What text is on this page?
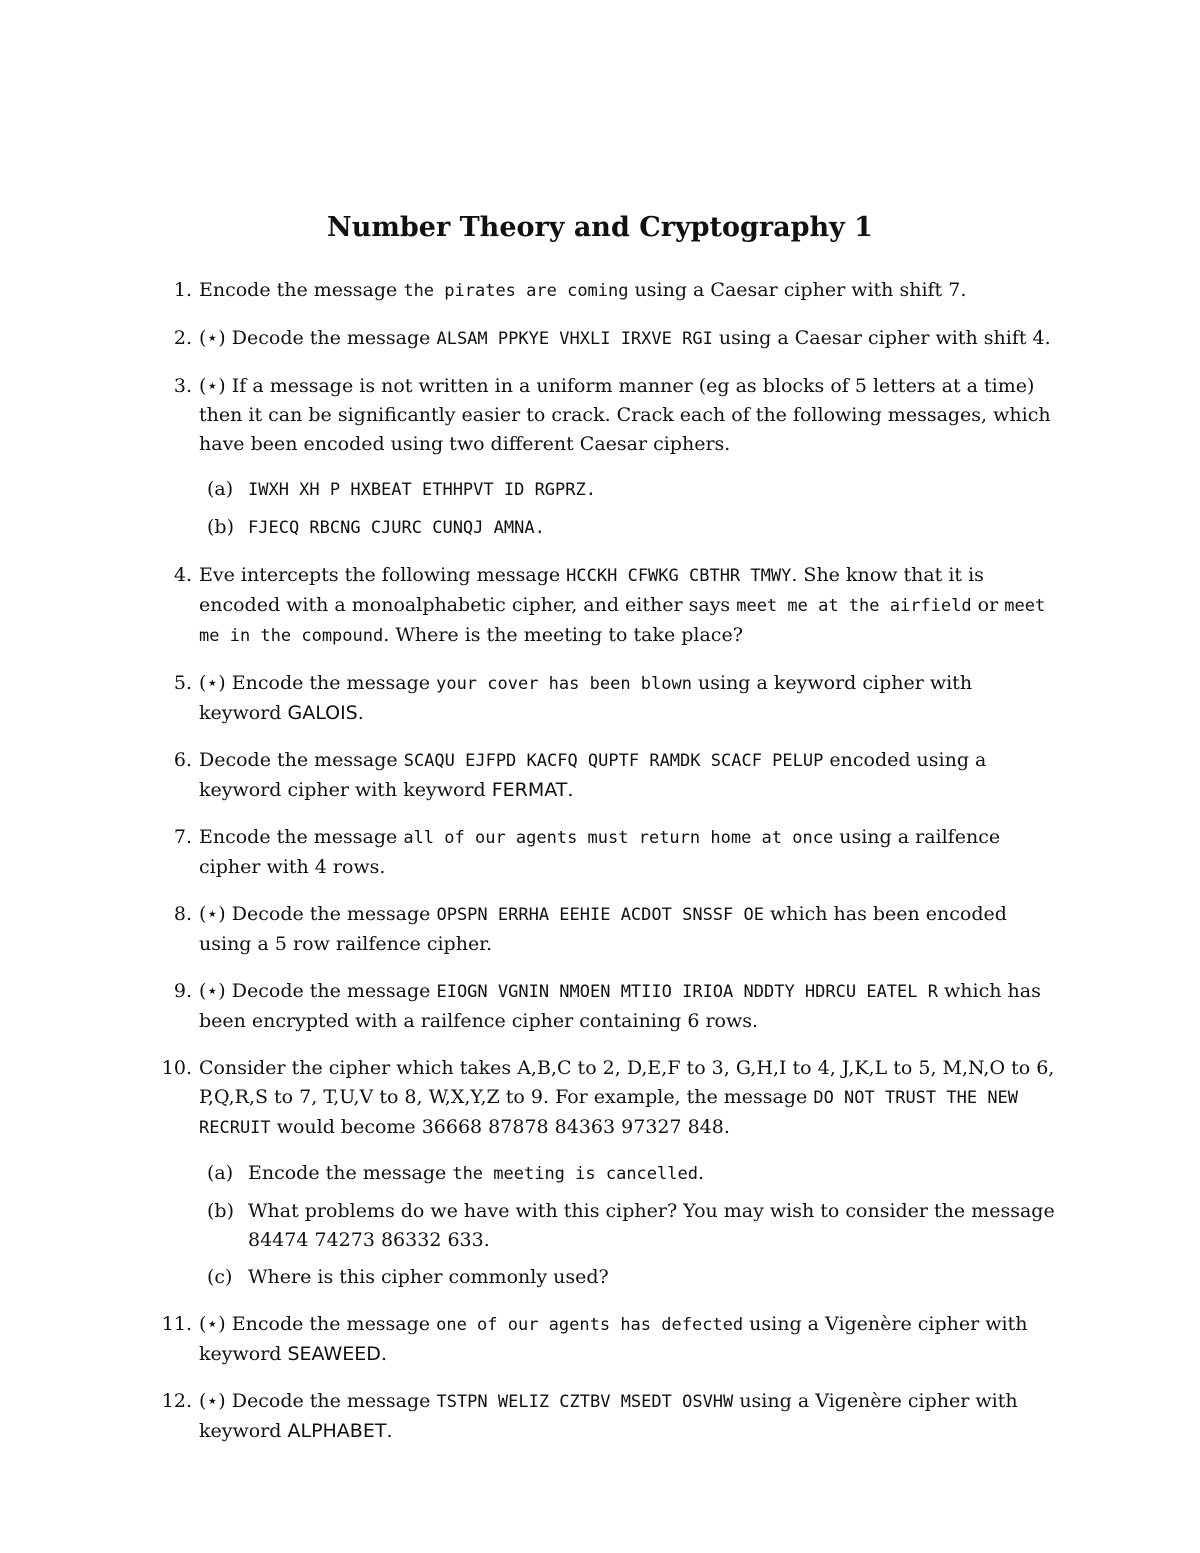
Number Theory and Cryptography 1
1. Encode the message the pirates are coming using a Caesar cipher with shift 7.

2. (⋆) Decode the message ALSAM PPKYE VHXLI IRXVE RGI using a Caesar cipher with shift 4.

3. (⋆) If a message is not written in a uniform manner (eg as blocks of 5 letters at a time) then it can be significantly easier to crack. Crack each of the following messages, which have been encoded using two different Caesar ciphers.

(a) IWXH XH P HXBEAT ETHHPVT ID RGPRZ.
(b) FJECQ RBCNG CJURC CUNQJ AMNA.
4. Eve intercepts the following message HCCKH CFWKG CBTHR TMWY. She know that it is encoded with a monoalphabetic cipher, and either says meet me at the airfield or meet me in the compound. Where is the meeting to take place?

5. (⋆) Encode the message your cover has been blown using a keyword cipher with keyword GALOIS.

6. Decode the message SCAQU EJFPD KACFQ QUPTF RAMDK SCACF PELUP encoded using a keyword cipher with keyword FERMAT.

7. Encode the message all of our agents must return home at once using a railfence cipher with 4 rows.

8. (⋆) Decode the message OPSPN ERRHA EEHIE ACDOT SNSSF OE which has been encoded using a 5 row railfence cipher.

9. (⋆) Decode the message EIOGN VGNIN NMOEN MTIIO IRIOA NDDTY HDRCU EATEL R which has been encrypted with a railfence cipher containing 6 rows.

10. Consider the cipher which takes A,B,C to 2, D,E,F to 3, G,H,I to 4, J,K,L to 5, M,N,O to 6, P,Q,R,S to 7, T,U,V to 8, W,X,Y,Z to 9. For example, the message DO NOT TRUST THE NEW RECRUIT would become 36668 87878 84363 97327 848.

(a) Encode the message the meeting is cancelled.
(b) What problems do we have with this cipher? You may wish to consider the message 84474 74273 86332 633.
(c) Where is this cipher commonly used?
11. (⋆) Encode the message one of our agents has defected using a Vigenère cipher with keyword SEAWEED.

12. (⋆) Decode the message TSTPN WELIZ CZTBV MSEDT OSVHW using a Vigenère cipher with keyword ALPHABET.
